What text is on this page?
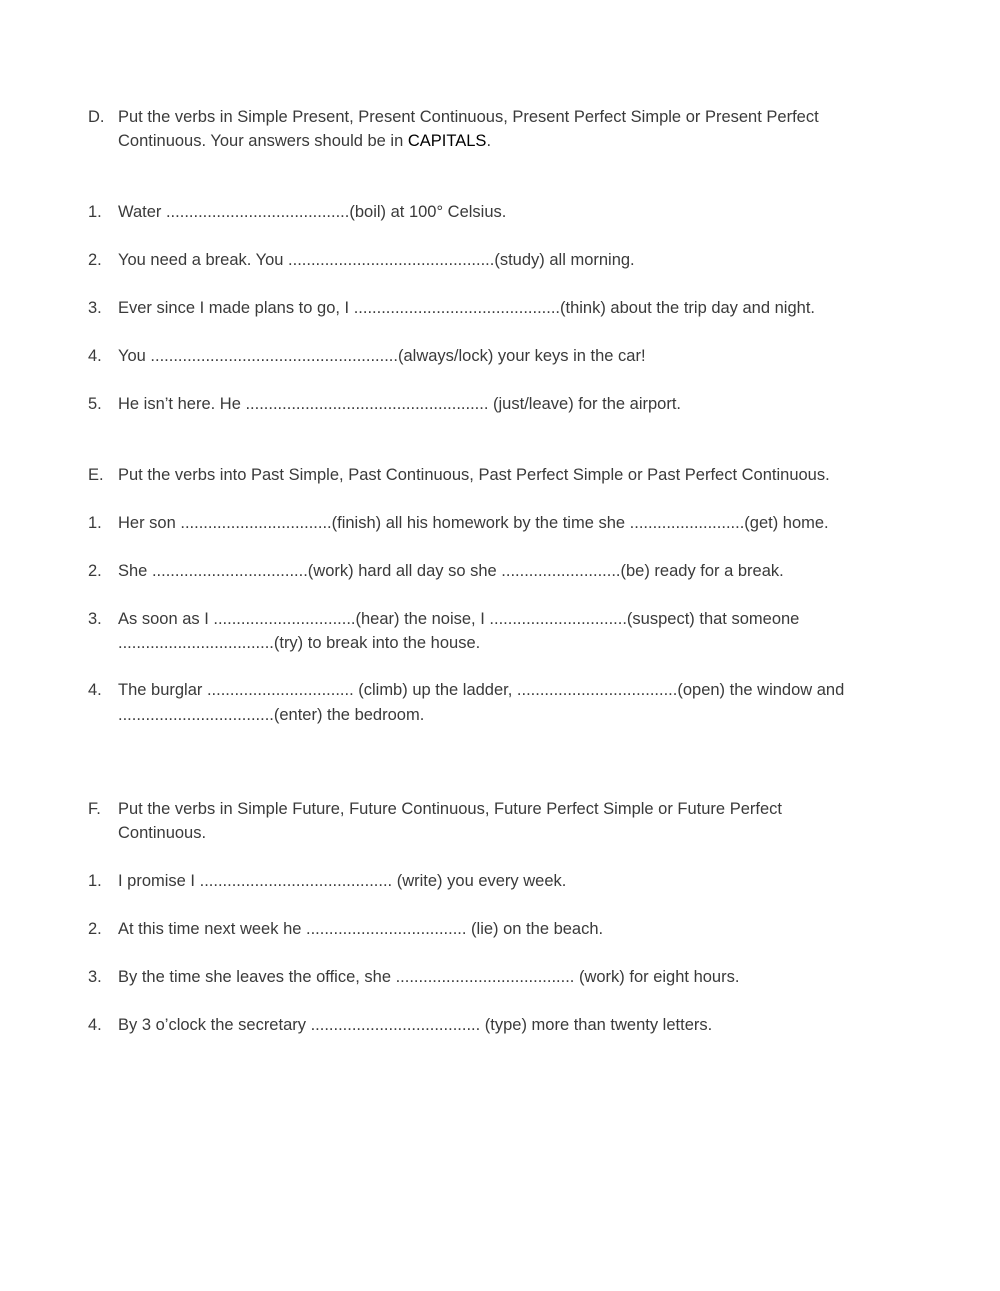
D. Put the verbs in Simple Present, Present Continuous, Present Perfect Simple or Present Perfect
Continuous. Your answers should be in CAPITALS.
1. Water ........................................(boil) at 100° Celsius.
2. You need a break. You .............................................(study) all morning.
3. Ever since I made plans to go, I .............................................(think) about the trip day and night.
4. You ......................................................(always/lock) your keys in the car!
5. He isn’t here. He ..................................................... (just/leave) for the airport.
E. Put the verbs into Past Simple, Past Continuous, Past Perfect Simple or Past Perfect Continuous.
1. Her son .................................(finish) all his homework by the time she .........................(get) home.
2. She ..................................(work) hard all day so she ..........................(be) ready for a break.
3. As soon as I ...............................(hear) the noise, I ..............................(suspect) that someone
..................................(try) to break into the house.
4. The burglar ................................ (climb) up the ladder, ...................................(open) the window and
..................................(enter) the bedroom.
F.	Put the verbs in Simple Future, Future Continuous, Future Perfect Simple or Future Perfect
Continuous.
1. I promise I .......................................... (write) you every week.
2. At this time next week he ................................... (lie) on the beach.
3. By the time she leaves the office, she ....................................... (work) for eight hours.
4. By 3 o’clock the secretary ..................................... (type) more than twenty letters.
